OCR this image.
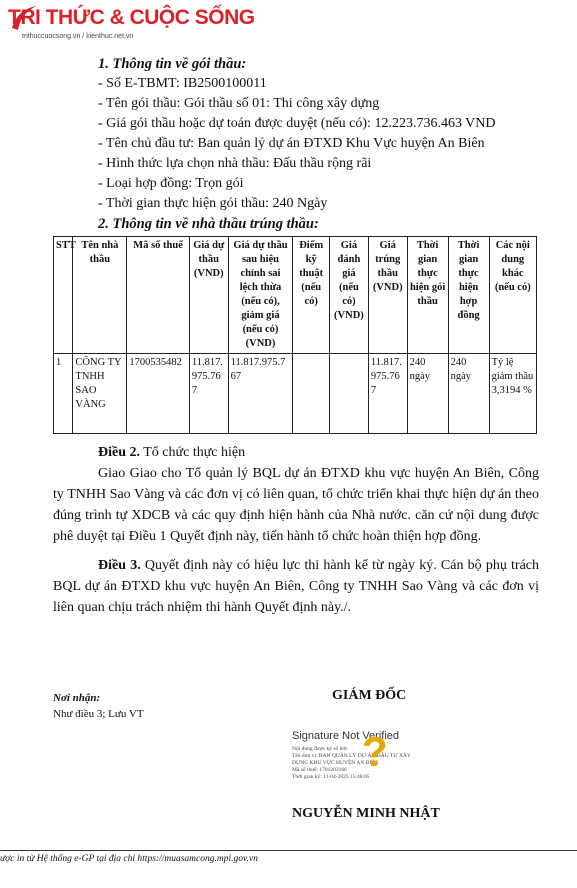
TRI THỨC & CUỘC SỐNG
trithuccuocsong.vn / kienthuc.net.vn

1. Thông tin về gói thầu:

- Số E-TBMT: IB2500100011
- Tên gói thầu: Gói thầu số 01: Thi công xây dựng
- Giá gói thầu hoặc dự toán được duyệt (nếu có): 12.223.736.463 VND
- Tên chủ đầu tư: Ban quản lý dự án ĐTXD Khu Vực huyện An Biên
- Hình thức lựa chọn nhà thầu: Đấu thầu rộng rãi
- Loại hợp đồng: Trọn gói
- Thời gian thực hiện gói thầu: 240 Ngày

2. Thông tin về nhà thầu trúng thầu:

STT	Tên nhà thầu	Mã số thuế	Giá dự thầu (VND)	Giá dự thầu sau hiệu chỉnh sai lệch thừa (nếu có), giảm giá (nếu có) (VND)	Điểm kỹ thuật (nếu có)	Giá đánh giá (nếu có) (VND)	Giá trúng thầu (VND)	Thời gian thực hiện gói thầu	Thời gian thực hiện hợp đồng	Các nội dung khác (nếu có)
1	CÔNG TY TNHH SAO VÀNG	1700535482	11.817.975.767	11.817.975.767			11.817.975.767	240 ngày	240 ngày	Tỷ lệ giảm thầu 3,3194 %
Điều 2. Tổ chức thực hiện
Giao Giao cho Tổ quản lý BQL dự án ĐTXD khu vực huyện An Biên, Công ty TNHH Sao Vàng và các đơn vị có liên quan, tổ chức triển khai thực hiện dự án theo đúng trình tự XDCB và các quy định hiện hành của Nhà nước. căn cứ nội dung được phê duyệt tại Điều 1 Quyết định này, tiến hành tổ chức hoàn thiện hợp đồng.
Điều 3. Quyết định này có hiệu lực thi hành kể từ ngày ký. Cán bộ phụ trách BQL dự án ĐTXD khu vực huyện An Biên, Công ty TNHH Sao Vàng và các đơn vị liên quan chịu trách nhiệm thi hành Quyết định này./.
Nơi nhận:
Như điều 3; Lưu VT
GIÁM ĐỐC
Signature Not Verified
Nội dung được ký số bởi:
Tên đơn vị: BAN QUẢN LÝ DỰ ÁN ĐẦU TƯ XÂY
DỰNG KHU VỰC HUYỆN AN BIÊN
Mã số thuế: 1701203166
Thời gian ký: 11-04-2025 15:48:05
?
NGUYỄN MINH NHẬT
ược in từ Hệ thống e-GP tại địa chỉ https://muasamcong.mpi.gov.vn
